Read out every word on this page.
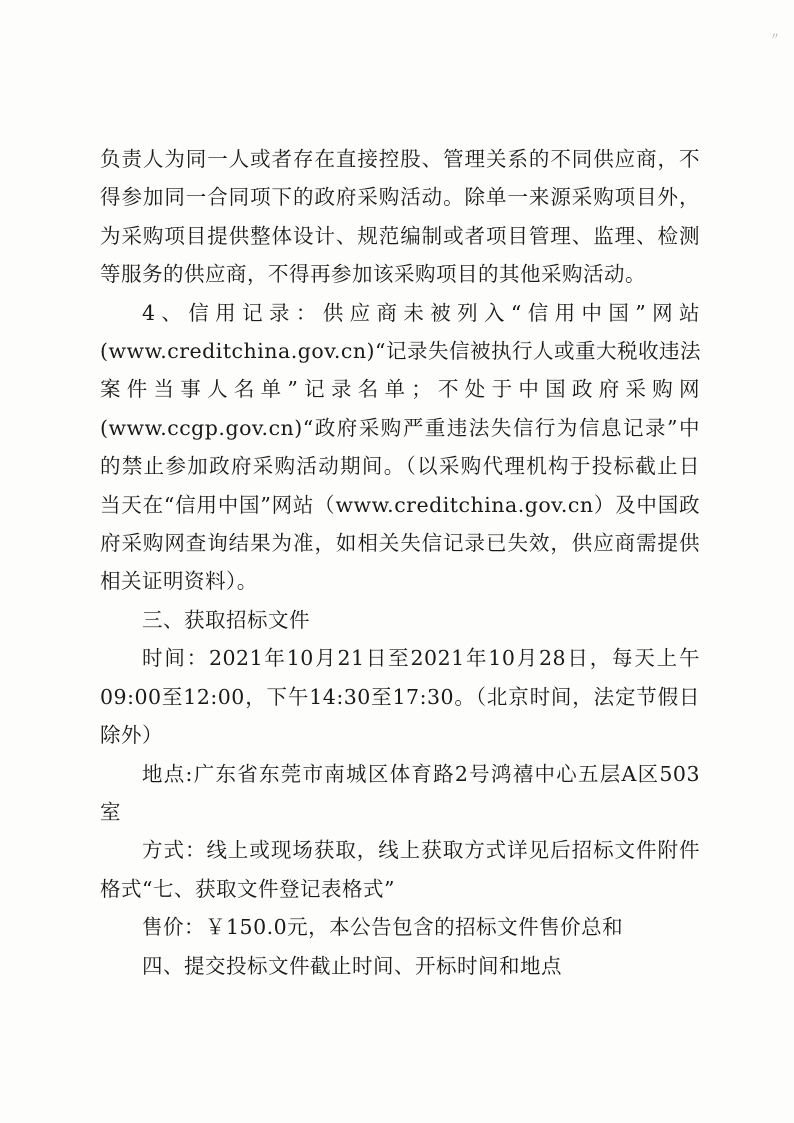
〃
负责人为同一人或者存在直接控股、管理关系的不同供应商，不
得参加同一合同项下的政府采购活动。除单一来源采购项目外，
为采购项目提供整体设计、规范编制或者项目管理、监理、检测
等服务的供应商，不得再参加该采购项目的其他采购活动。
4、信用记录：供应商未被列入“信用中国”网站
(www.creditchina.gov.cn)“记录失信被执行人或重大税收违法
案件当事人名单”记录名单；不处于中国政府采购网
(www.ccgp.gov.cn)“政府采购严重违法失信行为信息记录”中
的禁止参加政府采购活动期间。（以采购代理机构于投标截止日
当天在“信用中国”网站（www.creditchina.gov.cn）及中国政
府采购网查询结果为准，如相关失信记录已失效，供应商需提供
相关证明资料）。
三、获取招标文件
时间：2021年10月21日至2021年10月28日，每天上午
09:00至12:00，下午14:30至17:30。（北京时间，法定节假日
除外）
地点:广东省东莞市南城区体育路2号鸿禧中心五层A区503
室
方式：线上或现场获取，线上获取方式详见后招标文件附件
格式“七、获取文件登记表格式”
售价：￥150.0元，本公告包含的招标文件售价总和
四、提交投标文件截止时间、开标时间和地点
